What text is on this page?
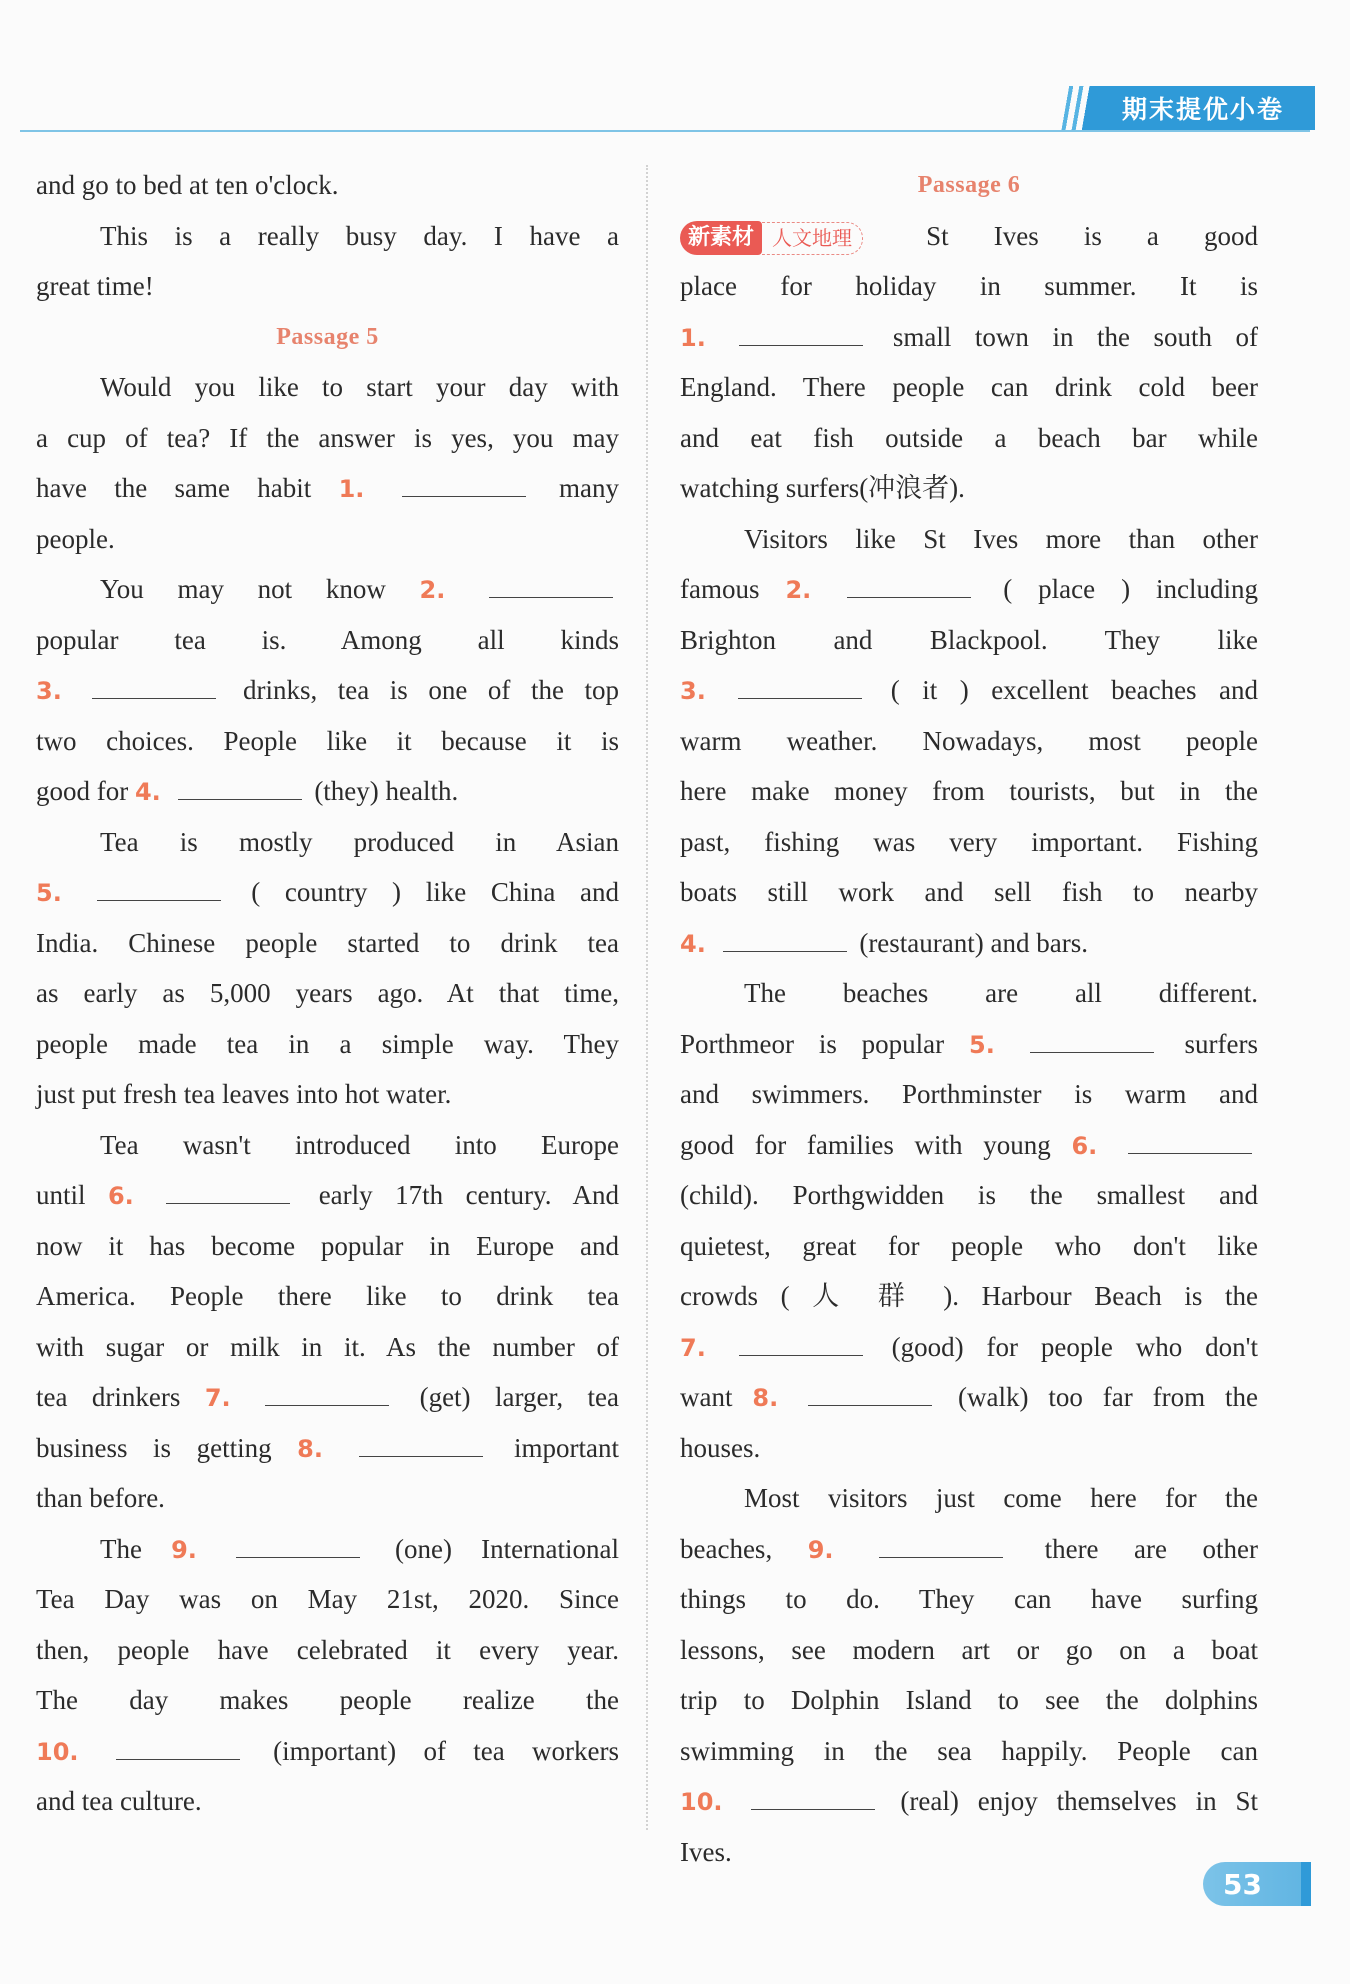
期末提优小卷
and go to bed at ten o'clock.
This is a really busy day. I have a
great time!
Passage 5
Would you like to start your day with
a cup of tea? If the answer is yes, you may
have the same habit 1.	many
people.
You may not know 2.
popular tea is. Among all kinds
3.	drinks, tea is one of the top
two choices. People like it because it is
good for 4.	(they) health.
Tea is mostly produced in Asian
5.	( country ) like China and
India. Chinese people started to drink tea
as early as 5,000 years ago. At that time,
people made tea in a simple way. They
just put fresh tea leaves into hot water.
Tea wasn't introduced into Europe
until 6.	early 17th century. And
now it has become popular in Europe and
America. People there like to drink tea
with sugar or milk in it. As the number of
tea drinkers 7.	(get) larger, tea
business is getting 8.	important
than before.
The 9.	(one) International
Tea Day was on May 21st, 2020. Since
then, people have celebrated it every year.
The day makes people realize the
10.	(important) of tea workers
and tea culture.
Passage 6
新素材 人文地理	St Ives is a good
place for holiday in summer. It is
1.	small town in the south of
England. There people can drink cold beer
and eat fish outside a beach bar while
watching surfers(冲浪者).
Visitors like St Ives more than other
famous 2.	( place ) including
Brighton and Blackpool. They like
3.	( it ) excellent beaches and
warm weather. Nowadays, most people
here make money from tourists, but in the
past, fishing was very important. Fishing
boats still work and sell fish to nearby
4.	(restaurant) and bars.
The beaches are all different.
Porthmeor is popular 5.	surfers
and swimmers. Porthminster is warm and
good for families with young 6.
(child). Porthgwidden is the smallest and
quietest, great for people who don't like
crowds ( 人 群 ). Harbour Beach is the
7.	(good) for people who don't
want 8.	(walk) too far from the
houses.
Most visitors just come here for the
beaches, 9.	there are other
things to do. They can have surfing
lessons, see modern art or go on a boat
trip to Dolphin Island to see the dolphins
swimming in the sea happily. People can
10.	(real) enjoy themselves in St
Ives.
53
